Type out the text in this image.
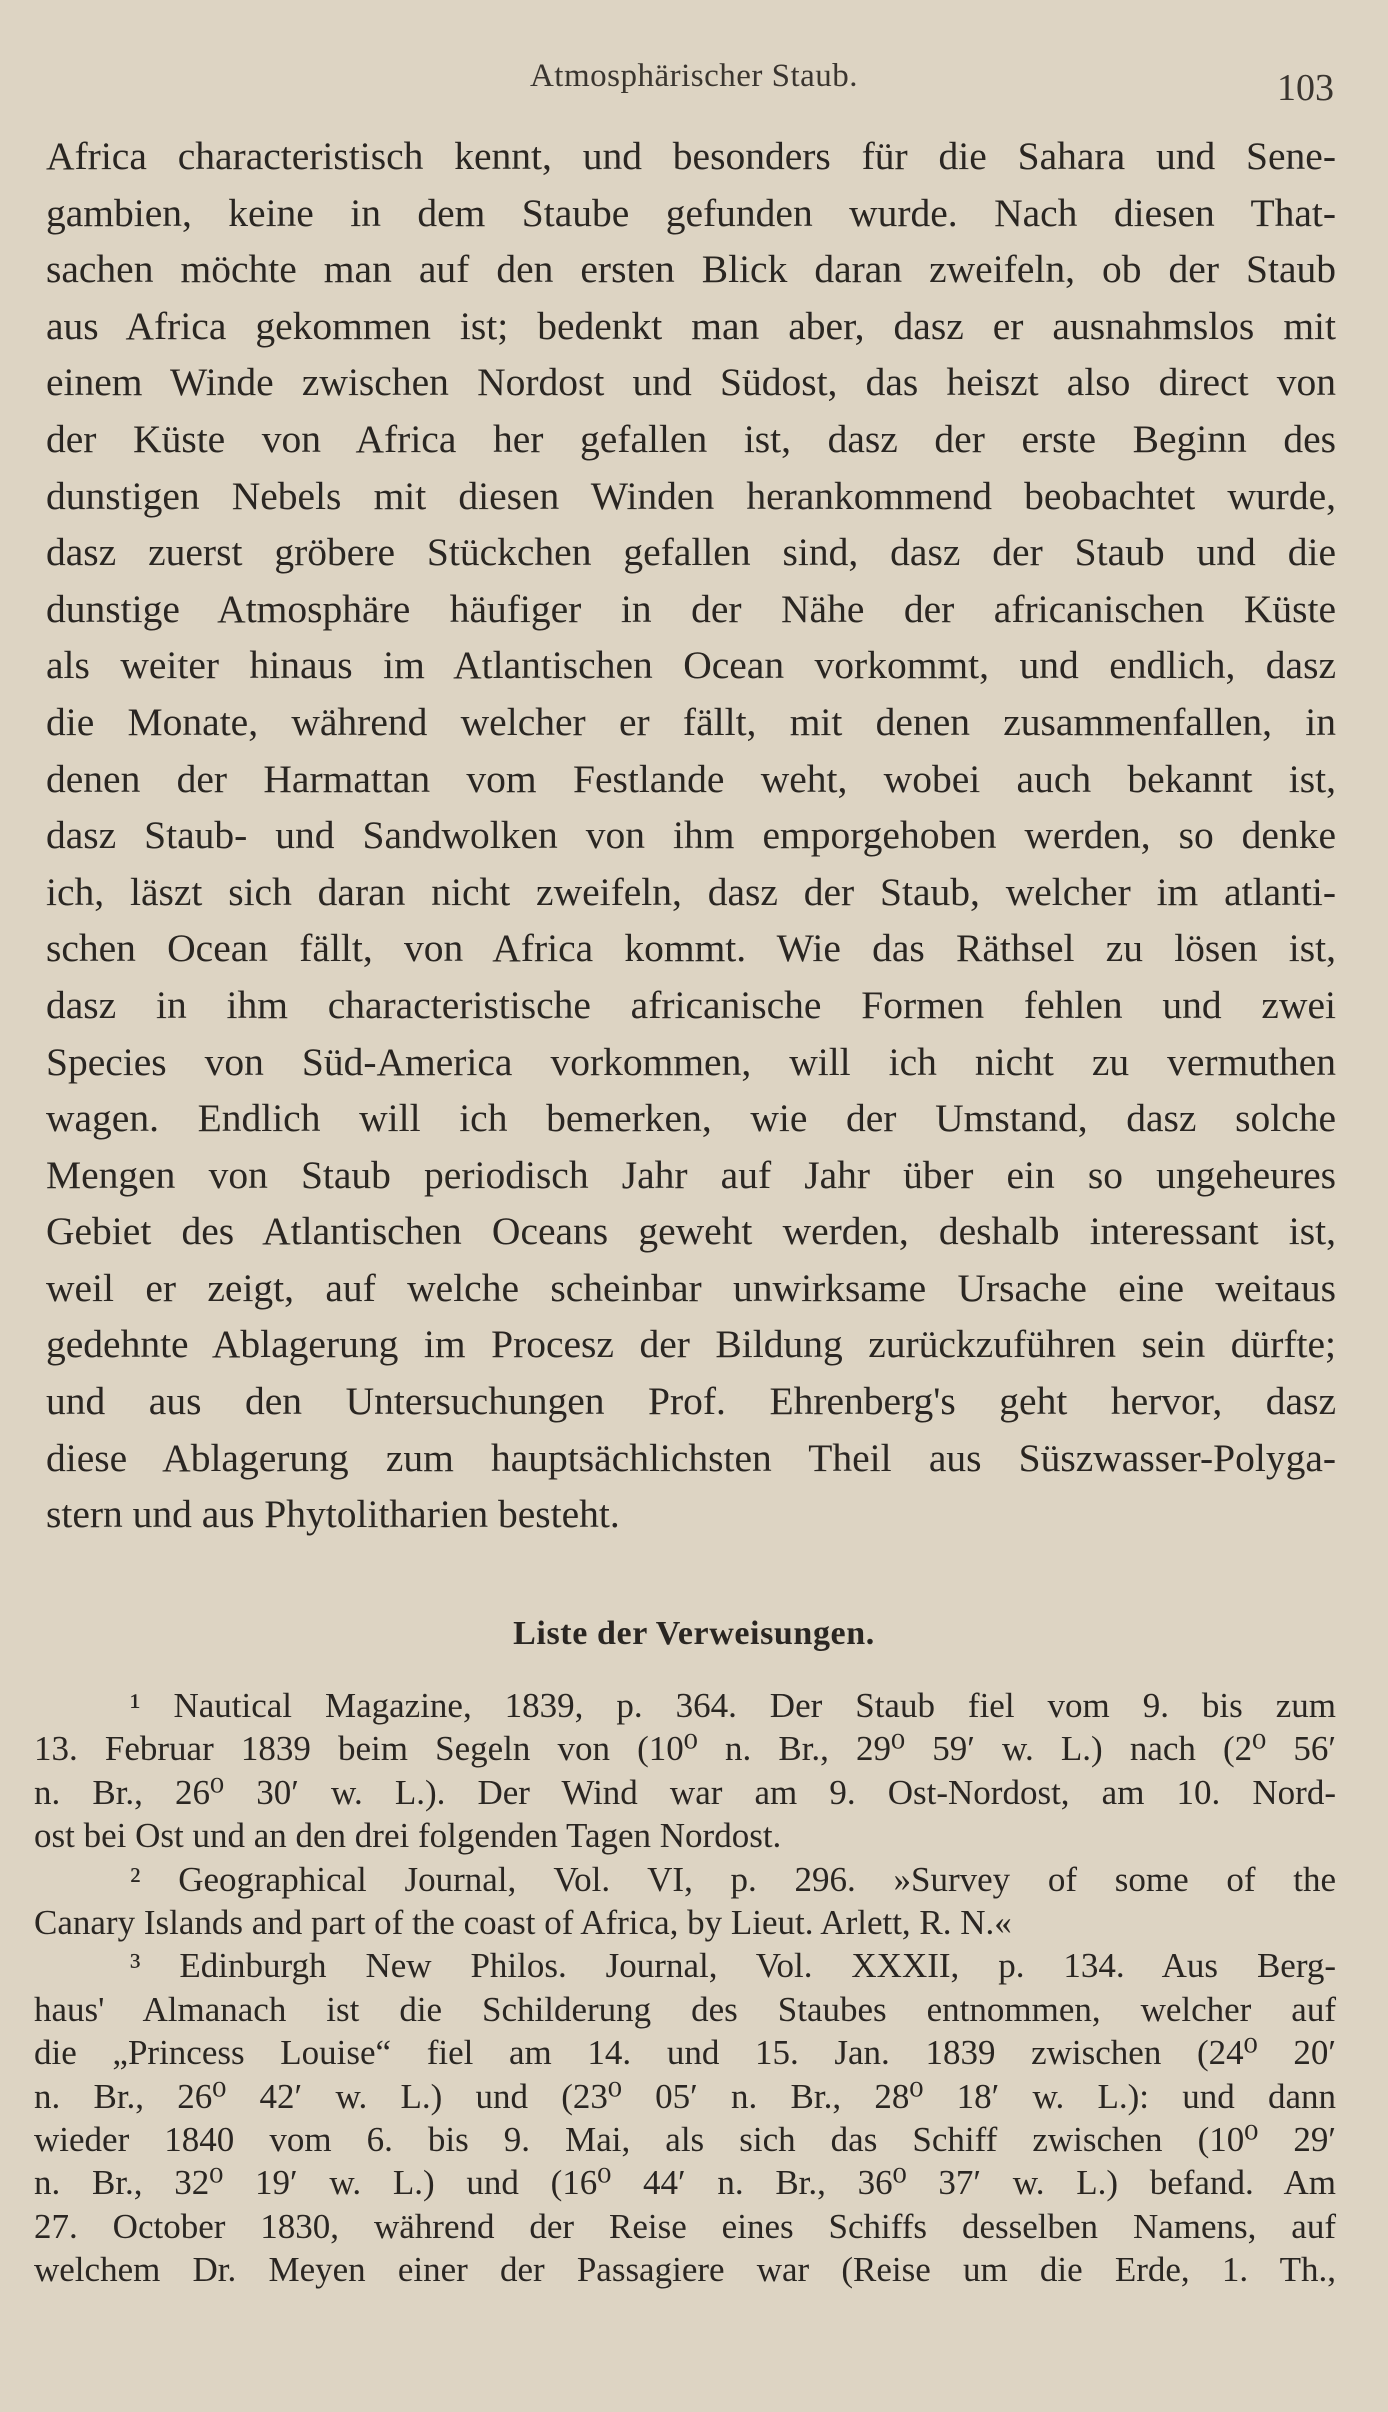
Atmosphärischer Staub.	103
Africa characteristisch kennt, und besonders für die Sahara und Sene-
gambien, keine in dem Staube gefunden wurde. Nach diesen That-
sachen möchte man auf den ersten Blick daran zweifeln, ob der Staub
aus Africa gekommen ist; bedenkt man aber, dasz er ausnahmslos mit
einem Winde zwischen Nordost und Südost, das heiszt also direct von
der Küste von Africa her gefallen ist, dasz der erste Beginn des
dunstigen Nebels mit diesen Winden herankommend beobachtet wurde,
dasz zuerst gröbere Stückchen gefallen sind, dasz der Staub und die
dunstige Atmosphäre häufiger in der Nähe der africanischen Küste
als weiter hinaus im Atlantischen Ocean vorkommt, und endlich, dasz
die Monate, während welcher er fällt, mit denen zusammenfallen, in
denen der Harmattan vom Festlande weht, wobei auch bekannt ist,
dasz Staub- und Sandwolken von ihm emporgehoben werden, so denke
ich, läszt sich daran nicht zweifeln, dasz der Staub, welcher im atlanti-
schen Ocean fällt, von Africa kommt. Wie das Räthsel zu lösen ist,
dasz in ihm characteristische africanische Formen fehlen und zwei
Species von Süd-America vorkommen, will ich nicht zu vermuthen
wagen. Endlich will ich bemerken, wie der Umstand, dasz solche
Mengen von Staub periodisch Jahr auf Jahr über ein so ungeheures
Gebiet des Atlantischen Oceans geweht werden, deshalb interessant ist,
weil er zeigt, auf welche scheinbar unwirksame Ursache eine weitaus
gedehnte Ablagerung im Procesz der Bildung zurückzuführen sein dürfte;
und aus den Untersuchungen Prof. Ehrenberg's geht hervor, dasz
diese Ablagerung zum hauptsächlichsten Theil aus Süszwasser-Polyga-
stern und aus Phytolitharien besteht.
Liste der Verweisungen.
¹ Nautical Magazine, 1839, p. 364. Der Staub fiel vom 9. bis zum
13. Februar 1839 beim Segeln von (10⁰ n. Br., 29⁰ 59′ w. L.) nach (2⁰ 56′
n. Br., 26⁰ 30′ w. L.). Der Wind war am 9. Ost-Nordost, am 10. Nord-
ost bei Ost und an den drei folgenden Tagen Nordost.
² Geographical Journal, Vol. VI, p. 296. »Survey of some of the
Canary Islands and part of the coast of Africa, by Lieut. Arlett, R. N.«
³ Edinburgh New Philos. Journal, Vol. XXXII, p. 134. Aus Berg-
haus' Almanach ist die Schilderung des Staubes entnommen, welcher auf
die „Princess Louise“ fiel am 14. und 15. Jan. 1839 zwischen (24⁰ 20′
n. Br., 26⁰ 42′ w. L.) und (23⁰ 05′ n. Br., 28⁰ 18′ w. L.): und dann
wieder 1840 vom 6. bis 9. Mai, als sich das Schiff zwischen (10⁰ 29′
n. Br., 32⁰ 19′ w. L.) und (16⁰ 44′ n. Br., 36⁰ 37′ w. L.) befand. Am
27. October 1830, während der Reise eines Schiffs desselben Namens, auf
welchem Dr. Meyen einer der Passagiere war (Reise um die Erde, 1. Th.,
